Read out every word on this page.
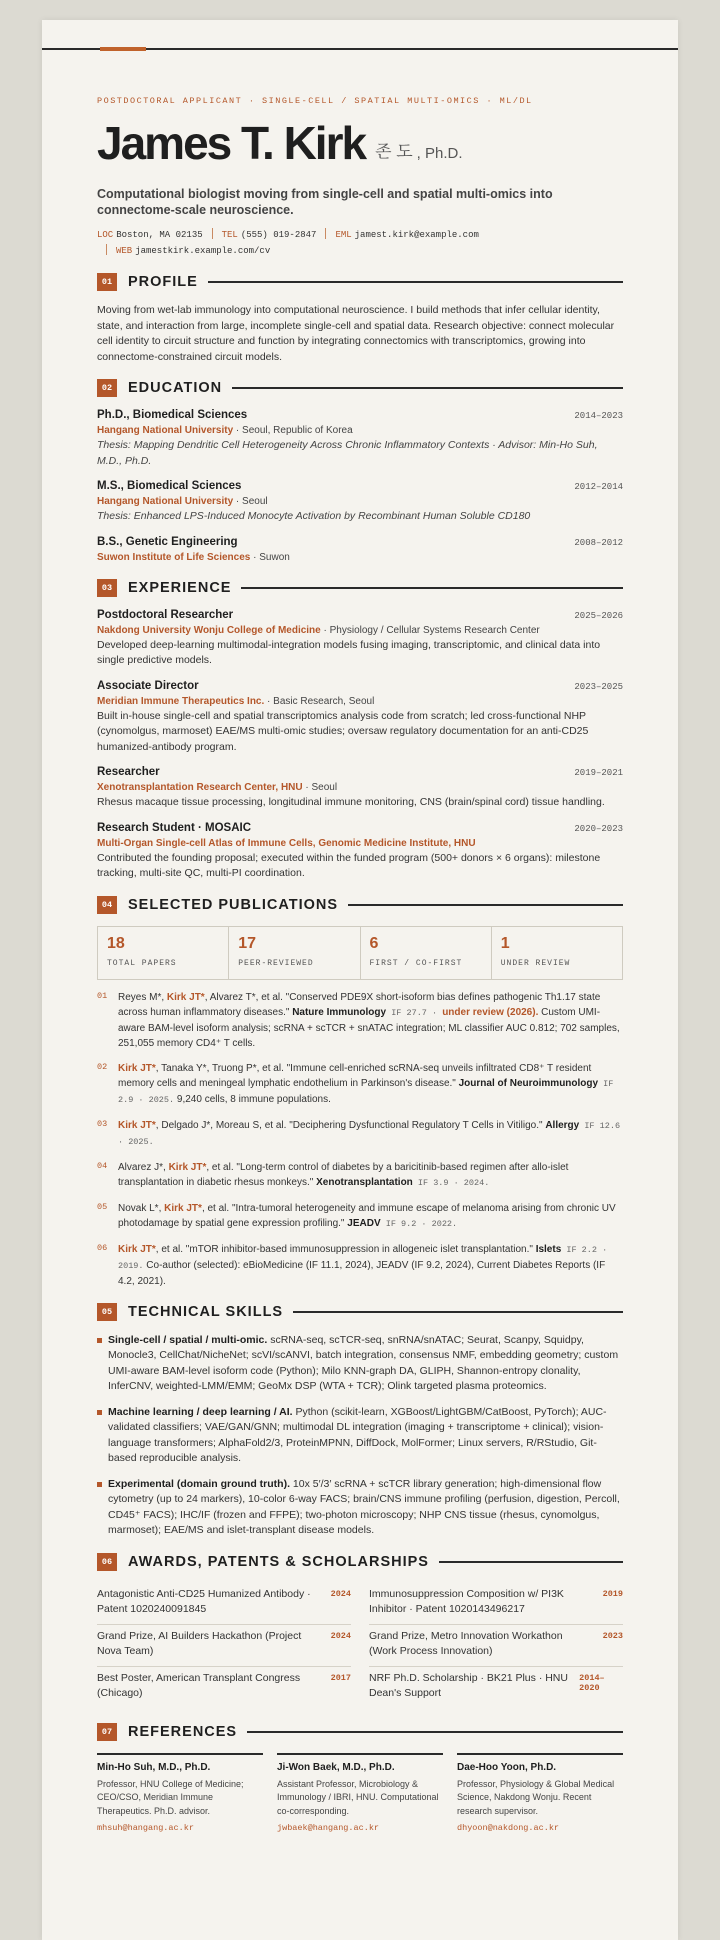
POSTDOCTORAL APPLICANT · SINGLE-CELL / SPATIAL MULTI-OMICS · ML/DL
James T. Kirk 존 도 , Ph.D.
Computational biologist moving from single-cell and spatial multi-omics into connectome-scale neuroscience.
LOC Boston, MA 02135 TEL (555) 019-2847 EML jamest.kirk@example.com
WEB jamestkirk.example.com/cv
01	PROFILE
Moving from wet-lab immunology into computational neuroscience. I build methods that infer cellular identity, state, and interaction from large, incomplete single-cell and spatial data. Research objective: connect molecular cell identity to circuit structure and function by integrating connectomics with transcriptomics, growing into connectome-constrained circuit models.
02	EDUCATION
Ph.D., Biomedical Sciences	2014–2023
Hangang National University · Seoul, Republic of Korea
Thesis: Mapping Dendritic Cell Heterogeneity Across Chronic Inflammatory Contexts · Advisor: Min-Ho Suh, M.D., Ph.D.
M.S., Biomedical Sciences	2012–2014
Hangang National University · Seoul
Thesis: Enhanced LPS-Induced Monocyte Activation by Recombinant Human Soluble CD180
B.S., Genetic Engineering	2008–2012
Suwon Institute of Life Sciences · Suwon
03	EXPERIENCE
Postdoctoral Researcher	2025–2026
Nakdong University Wonju College of Medicine · Physiology / Cellular Systems Research Center
Developed deep-learning multimodal-integration models fusing imaging, transcriptomic, and clinical data into single predictive models.
Associate Director	2023–2025
Meridian Immune Therapeutics Inc. · Basic Research, Seoul
Built in-house single-cell and spatial transcriptomics analysis code from scratch; led cross-functional NHP (cynomolgus, marmoset) EAE/MS multi-omic studies; oversaw regulatory documentation for an anti-CD25 humanized-antibody program.
Researcher	2019–2021
Xenotransplantation Research Center, HNU · Seoul
Rhesus macaque tissue processing, longitudinal immune monitoring, CNS (brain/spinal cord) tissue handling.
Research Student · MOSAIC	2020–2023
Multi-Organ Single-cell Atlas of Immune Cells, Genomic Medicine Institute, HNU
Contributed the founding proposal; executed within the funded program (500+ donors × 6 organs): milestone tracking, multi-site QC, multi-PI coordination.
04	SELECTED PUBLICATIONS
18
TOTAL PAPERS
17
PEER-REVIEWED
6
FIRST / CO-FIRST
1
UNDER REVIEW
01	Reyes M*, Kirk JT*, Alvarez T*, et al. "Conserved PDE9X short-isoform bias defines pathogenic Th1.17 state across human inflammatory diseases." Nature Immunology IF 27.7 · under review (2026). Custom UMI-aware BAM-level isoform analysis; scRNA + scTCR + snATAC integration; ML classifier AUC 0.812; 702 samples, 251,055 memory CD4⁺ T cells.
02	Kirk JT*, Tanaka Y*, Truong P*, et al. "Immune cell-enriched scRNA-seq unveils infiltrated CD8⁺ T resident memory cells and meningeal lymphatic endothelium in Parkinson's disease." Journal of Neuroimmunology IF 2.9 · 2025. 9,240 cells, 8 immune populations.
03	Kirk JT*, Delgado J*, Moreau S, et al. "Deciphering Dysfunctional Regulatory T Cells in Vitiligo." Allergy IF 12.6 · 2025.
04	Alvarez J*, Kirk JT*, et al. "Long-term control of diabetes by a baricitinib-based regimen after allo-islet transplantation in diabetic rhesus monkeys." Xenotransplantation IF 3.9 · 2024.
05	Novak L*, Kirk JT*, et al. "Intra-tumoral heterogeneity and immune escape of melanoma arising from chronic UV photodamage by spatial gene expression profiling." JEADV IF 9.2 · 2022.
06	Kirk JT*, et al. "mTOR inhibitor-based immunosuppression in allogeneic islet transplantation." Islets IF 2.2 · 2019. Co-author (selected): eBioMedicine (IF 11.1, 2024), JEADV (IF 9.2, 2024), Current Diabetes Reports (IF 4.2, 2021).
05	TECHNICAL SKILLS
Single-cell / spatial / multi-omic. scRNA-seq, scTCR-seq, snRNA/snATAC; Seurat, Scanpy, Squidpy, Monocle3, CellChat/NicheNet; scVI/scANVI, batch integration, consensus NMF, embedding geometry; custom UMI-aware BAM-level isoform code (Python); Milo KNN-graph DA, GLIPH, Shannon-entropy clonality, InferCNV, weighted-LMM/EMM; GeoMx DSP (WTA + TCR); Olink targeted plasma proteomics.
Machine learning / deep learning / AI. Python (scikit-learn, XGBoost/LightGBM/CatBoost, PyTorch); AUC-validated classifiers; VAE/GAN/GNN; multimodal DL integration (imaging + transcriptome + clinical); vision-language transformers; AlphaFold2/3, ProteinMPNN, DiffDock, MolFormer; Linux servers, R/RStudio, Git-based reproducible analysis.
Experimental (domain ground truth). 10x 5′/3′ scRNA + scTCR library generation; high-dimensional flow cytometry (up to 24 markers), 10-color 6-way FACS; brain/CNS immune profiling (perfusion, digestion, Percoll, CD45⁺ FACS); IHC/IF (frozen and FFPE); two-photon microscopy; NHP CNS tissue (rhesus, cynomolgus, marmoset); EAE/MS and islet-transplant disease models.
06	AWARDS, PATENTS & SCHOLARSHIPS
Antagonistic Anti-CD25 Humanized Antibody · Patent 1020240091845
2024
Grand Prize, AI Builders Hackathon (Project Nova Team)
2024
Best Poster, American Transplant Congress (Chicago)
2017
Immunosuppression Composition w/ PI3K Inhibitor · Patent 1020143496217
2019
Grand Prize, Metro Innovation Workathon (Work Process Innovation)
2023
NRF Ph.D. Scholarship · BK21 Plus · HNU Dean's Support
2014–2020
07	REFERENCES
Min-Ho Suh, M.D., Ph.D.
Professor, HNU College of Medicine; CEO/CSO, Meridian Immune Therapeutics. Ph.D. advisor.
mhsuh@hangang.ac.kr
Ji-Won Baek, M.D., Ph.D.
Assistant Professor, Microbiology & Immunology / IBRI, HNU. Computational co-corresponding.
jwbaek@hangang.ac.kr
Dae-Hoo Yoon, Ph.D.
Professor, Physiology & Global Medical Science, Nakdong Wonju. Recent research supervisor.
dhyoon@nakdong.ac.kr
